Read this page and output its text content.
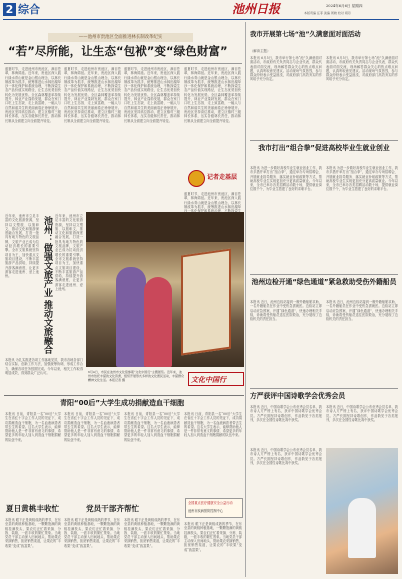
2 综合	池州日报	2024年6月6日 星期四
本版责编 汪菲 美编 周晓 校对 胡丹
——池州市贵池区全面推进林长制改革纪实
“若”尽所能，让生态“包袱”变“绿色财富”
盛夏时节，走进池州市贵池区，满目苍翠，林海绵延。近年来，贵池区深入践行绿水青山就是金山银山理念，以林长制改革为抓手，统筹推进山水林田湖草沙一体化保护和系统治理，不断探索生态产品价值实现路径，让生态优势加快转化为发展优势。全区森林覆盖率持续提升，林业产业蓬勃发展，群众在家门口吃上生态饭、走上致富路，一幅人与自然和谐共生的美丽画卷正徐徐展开。贵池区坚持高位推动，建立区镇村三级林长体系，压实各级林长责任，推动林长制从全面建立向全面提升转变。
盛夏时节，走进池州市贵池区，满目苍翠，林海绵延。近年来，贵池区深入践行绿水青山就是金山银山理念，以林长制改革为抓手，统筹推进山水林田湖草沙一体化保护和系统治理，不断探索生态产品价值实现路径，让生态优势加快转化为发展优势。全区森林覆盖率持续提升，林业产业蓬勃发展，群众在家门口吃上生态饭、走上致富路，一幅人与自然和谐共生的美丽画卷正徐徐展开。贵池区坚持高位推动，建立区镇村三级林长体系，压实各级林长责任，推动林长制从全面建立向全面提升转变。
盛夏时节，走进池州市贵池区，满目苍翠，林海绵延。近年来，贵池区深入践行绿水青山就是金山银山理念，以林长制改革为抓手，统筹推进山水林田湖草沙一体化保护和系统治理，不断探索生态产品价值实现路径，让生态优势加快转化为发展优势。全区森林覆盖率持续提升，林业产业蓬勃发展，群众在家门口吃上生态饭、走上致富路，一幅人与自然和谐共生的美丽画卷正徐徐展开。贵池区坚持高位推动，建立区镇村三级林长体系，压实各级林长责任，推动林长制从全面建立向全面提升转变。
盛夏时节，走进池州市贵池区，满目苍翠，林海绵延。近年来，贵池区深入践行绿水青山就是金山银山理念，以林长制改革为抓手，统筹推进山水林田湖草沙一体化保护和系统治理，不断探索生态产品价值实现路径，让生态优势加快转化为发展优势。全区森林覆盖率持续提升，林业产业蓬勃发展，群众在家门口吃上生态饭、走上致富路，一幅人与自然和谐共生的美丽画卷正徐徐展开。贵池区坚持高位推动，建立区镇村三级林长体系，压实各级林长责任，推动林长制从全面建立向全面提升转变。
记者走基层
盛夏时节，走进池州市贵池区，满目苍翠，林海绵延。近年来，贵池区深入践行绿水青山就是金山银山理念，以林长制改革为抓手，统筹推进山水林田湖草
近年来，池州市立足丰富的文化旅游资源，坚持以文塑旅、以旅彰文，推动文化和旅游深度融合发展，打造一批具有地方特色的文旅品牌，文旅产业已成为拉动经济增长的重要引擎。全市文旅系统坚持项目为王，加快重点文旅项目建设，不断丰富旅游产品供给，持续提升游客满意度，让更多游客走进池州、爱上池州。	池州：做强文旅产业 推动文旅融合 近年来，池州市立足丰富的文化旅游资源，坚持以文塑旅、以旅彰文，推动文化和旅游深度融合发展，打造一批具有地方特色的文旅品牌，文旅产业已成为拉动经济增长的重要引擎。全市文旅系统坚持项目为王，加快重点文旅项目建设，不断丰富旅游产品供给，持续提升游客满意度，让更多游客走进池州、爱上池州。
本报讯 为扎实推进各项工作落地见效，我市各地各部门结合实际，创新工作方法，加强统筹协调，形成工作合力，确保各项任务按期完成。今年以来，相关工作取得明显成效，得到群众广泛认可。
文化中国行
6月4日，市民在池州市文化馆参观“文化中国行”主题展览。近年来，池州市依托丰富的文化资源，组织开展形式多样的文化惠民活动，丰富群众精神文化生活。本报记者 摄
我市开展第七场“池”久满意面对面活动
（解读主题）
本报讯 6月5日，我市举行第七场“池”久满意面对面活动，市政府有关负责同志与企业代表、群众代表面对面交流，现场解答群众关心的热点难点问题，认真听取意见建议。活动现场气氛热烈，参与群众纷纷表示受益匪浅，对政府部门高效务实的作风给予充分肯定。
本报讯 6月5日，我市举行第七场“池”久满意面对面活动，市政府有关负责同志与企业代表、群众代表面对面交流，现场解答群众关心的热点难点问题，认真听取意见建议。活动现场气氛热烈，参与群众纷纷表示受益匪浅，对政府部门高效务实的作风给予充分肯定。
我市打出“组合拳”促进高校毕业生就业创业
本报讯 为进一步做好高校毕业生就业创业工作，我市多措并举打出“组合拳”，通过举办专场招聘会、开展就业指导服务、落实就业补贴政策等方式，帮助高校毕业生实现更加充分更高质量就业。今年以来，全市已举办各类招聘活动数十场，提供就业岗位数千个，为毕业生搭建了良好的求职平台。
本报讯 为进一步做好高校毕业生就业创业工作，我市多措并举打出“组合拳”，通过举办专场招聘会、开展就业指导服务、落实就业补贴政策等方式，帮助高校毕业生实现更加充分更高质量就业。今年以来，全市已举办各类招聘活动数十场，提供就业岗位数千个，为毕业生搭建了良好的求职平台。
池州边检开通“绿色通道”紧急救助受伤外籍船员
本报讯 近日，池州边检站接到一艘外籍船舶求助，一名外籍船员在作业中受伤急需就医。边检站立即启动应急预案，开通“绿色通道”，快速办理相关手续，协助将受伤船员送往医院救治，充分展现了边检机关的责任担当。
本报讯 近日，池州边检站接到一艘外籍船舶求助，一名外籍船员在作业中受伤急需就医。边检站立即启动应急预案，开通“绿色通道”，快速办理相关手续，协助将受伤船员送往医院救治，充分展现了边检机关的责任担当。
方严获评中国诗歌学会优秀会员
本报讯 近日，中国诗歌学会公布优秀会员名单，我市诗人方严榜上有名，获评中国诗歌学会优秀会员。方严长期坚持诗歌创作，作品散见于各类报刊，多次在全国性诗歌比赛中获奖。
本报讯 近日，中国诗歌学会公布优秀会员名单，我市诗人方严榜上有名，获评中国诗歌学会优秀会员。方严长期坚持诗歌创作，作品散见于各类报刊，多次在全国性诗歌比赛中获奖。
本报讯 近日，中国诗歌学会公布优秀会员名单，我市诗人方严榜上有名，获评中国诗歌学会优秀会员。方严长期坚持诗歌创作，作品散见于各类报刊，多次在全国性诗歌比赛中获奖。
青阳“00后”大学生成功捐献造血干细胞
本报讯 日前，青阳县一名“00后”大学生在省红十字会工作人员的见证下，成功捐献造血干细胞，为一名血液病患者带去生的希望。这名大学生表示，能够帮助他人是一件非常有意义的事情，希望更多的年轻人加入到造血干细胞捐献的队伍中来。
本报讯 日前，青阳县一名“00后”大学生在省红十字会工作人员的见证下，成功捐献造血干细胞，为一名血液病患者带去生的希望。这名大学生表示，能够帮助他人是一件非常有意义的事情，希望更多的年轻人加入到造血干细胞捐献的队伍中来。
本报讯 日前，青阳县一名“00后”大学生在省红十字会工作人员的见证下，成功捐献造血干细胞，为一名血液病患者带去生的希望。这名大学生表示，能够帮助他人是一件非常有意义的事情，希望更多的年轻人加入到造血干细胞捐献的队伍中来。
本报讯 日前，青阳县一名“00后”大学生在省红十字会工作人员的见证下，成功捐献造血干细胞，为一名血液病患者带去生的希望。这名大学生表示，能够帮助他人是一件非常有意义的事情，希望更多的年轻人加入到造血干细胞捐献的队伍中来。
全国重点医疗健康安全公益行动
池州市疾病预防控制中心
夏日黄桃丰收忙	党员干部齐帮忙
本报讯 眼下正是黄桃成熟的季节，在东至县的黄桃种植基地，一颗颗饱满的黄桃挂满枝头，果农们正忙着采摘、分拣、装箱，一派丰收的繁忙景象。当地党员干部主动深入田间地头，帮助果农采摘销售，拓宽销售渠道，让果农的“丰收果”变成“致富果”。
本报讯 眼下正是黄桃成熟的季节，在东至县的黄桃种植基地，一颗颗饱满的黄桃挂满枝头，果农们正忙着采摘、分拣、装箱，一派丰收的繁忙景象。当地党员干部主动深入田间地头，帮助果农采摘销售，拓宽销售渠道，让果农的“丰收果”变成“致富果”。
本报讯 眼下正是黄桃成熟的季节，在东至县的黄桃种植基地，一颗颗饱满的黄桃挂满枝头，果农们正忙着采摘、分拣、装箱，一派丰收的繁忙景象。当地党员干部主动深入田间地头，帮助果农采摘销售，拓宽销售渠道，让果农的“丰收果”变成“致富果”。
本报讯 眼下正是黄桃成熟的季节，在东至县的黄桃种植基地，一颗颗饱满的黄桃挂满枝头，果农们正忙着采摘、分拣、装箱，一派丰收的繁忙景象。当地党员干部主动深入田间地头，帮助果农采摘销售，拓宽销售渠道，让果农的“丰收果”变成“致富果”。
